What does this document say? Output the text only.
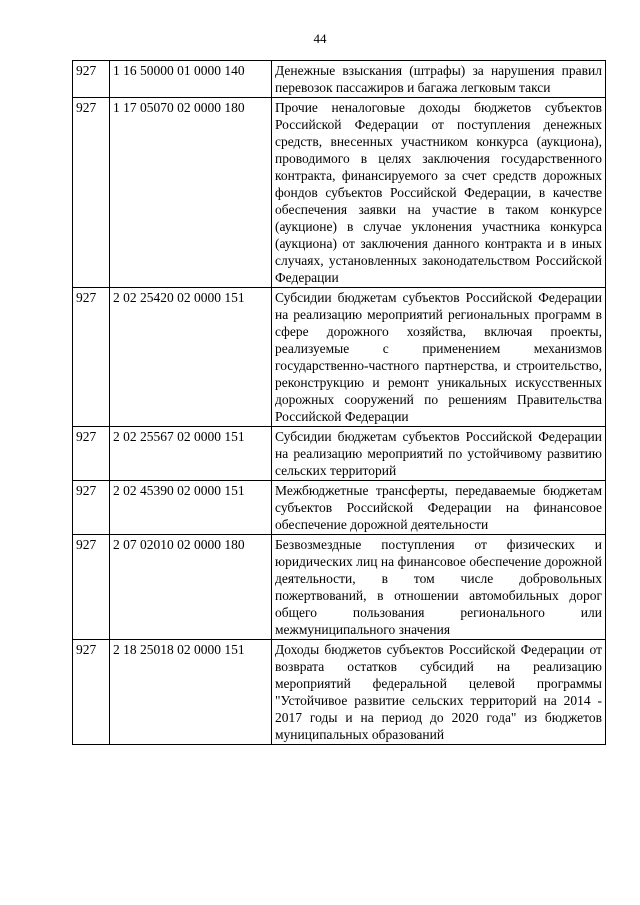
44
927	1 16 50000 01 0000 140	Денежные взыскания (штрафы) за нарушения правил перевозок пассажиров и багажа легковым такси
927	1 17 05070 02 0000 180	Прочие неналоговые доходы бюджетов субъектов Российской Федерации от поступления денежных средств, внесенных участником конкурса (аукциона), проводимого в целях заключения государственного контракта, финансируемого за счет средств дорожных фондов субъектов Российской Федерации, в качестве обеспечения заявки на участие в таком конкурсе (аукционе) в случае уклонения участника конкурса (аукциона) от заключения данного контракта и в иных случаях, установленных законодательством Российской Федерации
927	2 02 25420 02 0000 151	Субсидии бюджетам субъектов Российской Федерации на реализацию мероприятий региональных программ в сфере дорожного хозяйства, включая проекты, реализуемые с применением механизмов государственно-частного партнерства, и строительство, реконструкцию и ремонт уникальных искусственных дорожных сооружений по решениям Правительства Российской Федерации
927	2 02 25567 02 0000 151	Субсидии бюджетам субъектов Российской Федерации на реализацию мероприятий по устойчивому развитию сельских территорий
927	2 02 45390 02 0000 151	Межбюджетные трансферты, передаваемые бюджетам субъектов Российской Федерации на финансовое обеспечение дорожной деятельности
927	2 07 02010 02 0000 180	Безвозмездные поступления от физических и юридических лиц на финансовое обеспечение дорожной деятельности, в том числе добровольных пожертвований, в отношении автомобильных дорог общего пользования регионального или межмуниципального значения
927	2 18 25018 02 0000 151	Доходы бюджетов субъектов Российской Федерации от возврата остатков субсидий на реализацию мероприятий федеральной целевой программы "Устойчивое развитие сельских территорий на 2014 - 2017 годы и на период до 2020 года" из бюджетов муниципальных образований
